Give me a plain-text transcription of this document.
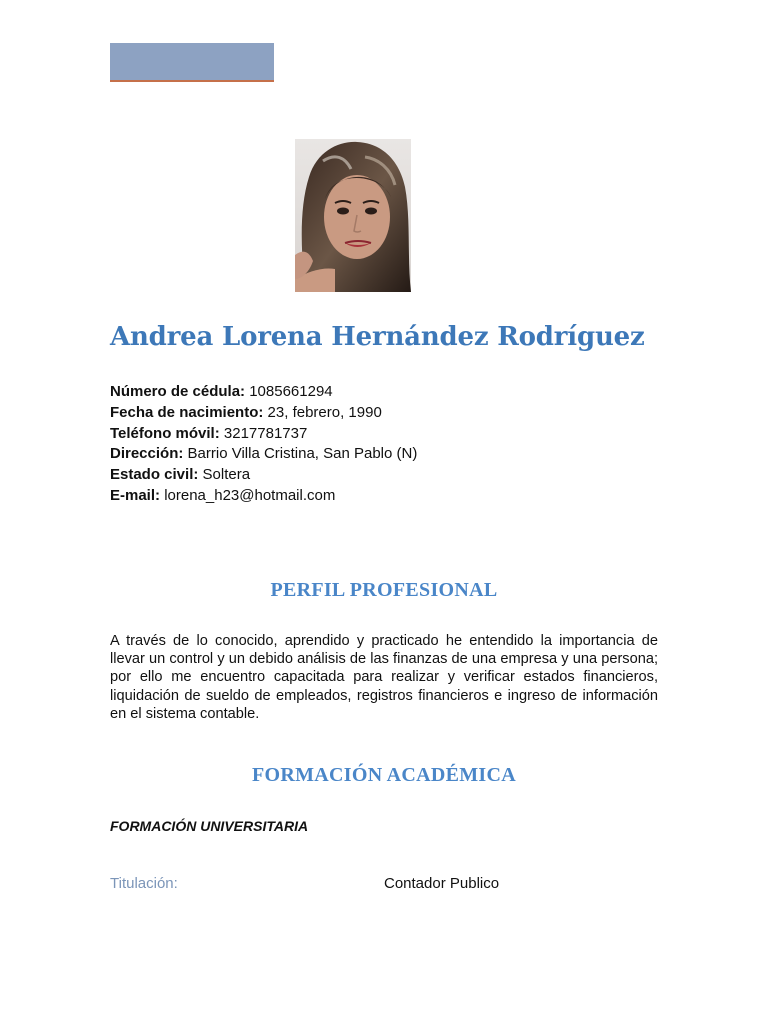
Andrea Lorena Hernández Rodríguez
Número de cédula: 1085661294
Fecha de nacimiento: 23, febrero, 1990
Teléfono móvil: 3217781737
Dirección: Barrio Villa Cristina, San Pablo (N)
Estado civil: Soltera
E-mail: lorena_h23@hotmail.com
PERFIL PROFESIONAL
A través de lo conocido, aprendido y practicado he entendido la importancia de llevar un control y un debido análisis de las finanzas de una empresa y una persona; por ello me encuentro capacitada para realizar y verificar estados financieros, liquidación de sueldo de empleados, registros financieros e ingreso de información en el sistema contable.
FORMACIÓN ACADÉMICA
FORMACIÓN UNIVERSITARIA
Titulación:	Contador Publico
